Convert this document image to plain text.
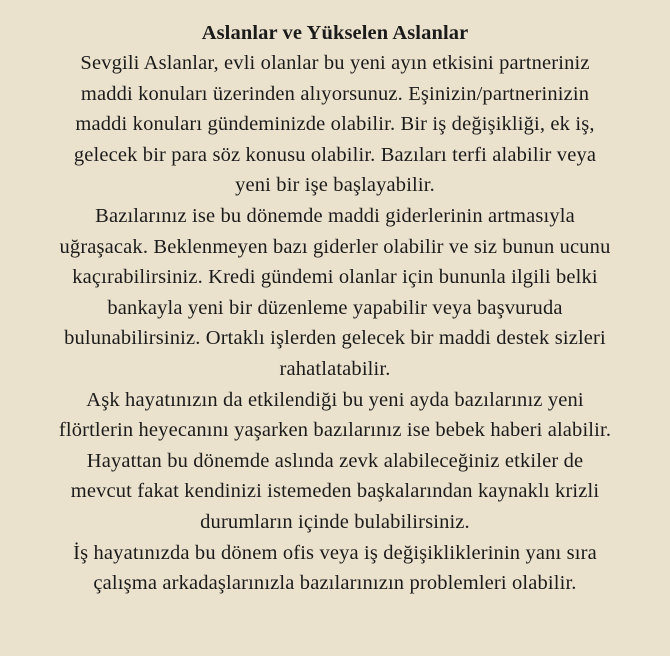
Aslanlar ve Yükselen Aslanlar
Sevgili Aslanlar, evli olanlar bu yeni ayın etkisini partneriniz
maddi konuları üzerinden alıyorsunuz. Eşinizin/partnerinizin
maddi konuları gündeminizde olabilir. Bir iş değişikliği, ek iş,
gelecek bir para söz konusu olabilir. Bazıları terfi alabilir veya
yeni bir işe başlayabilir.
Bazılarınız ise bu dönemde maddi giderlerinin artmasıyla
uğraşacak. Beklenmeyen bazı giderler olabilir ve siz bunun ucunu
kaçırabilirsiniz. Kredi gündemi olanlar için bununla ilgili belki
bankayla yeni bir düzenleme yapabilir veya başvuruda
bulunabilirsiniz. Ortaklı işlerden gelecek bir maddi destek sizleri
rahatlatabilir.
Aşk hayatınızın da etkilendiği bu yeni ayda bazılarınız yeni
flörtlerin heyecanını yaşarken bazılarınız ise bebek haberi alabilir.
Hayattan bu dönemde aslında zevk alabileceğiniz etkiler de
mevcut fakat kendinizi istemeden başkalarından kaynaklı krizli
durumların içinde bulabilirsiniz.
İş hayatınızda bu dönem ofis veya iş değişikliklerinin yanı sıra
çalışma arkadaşlarınızla bazılarınızın problemleri olabilir.
